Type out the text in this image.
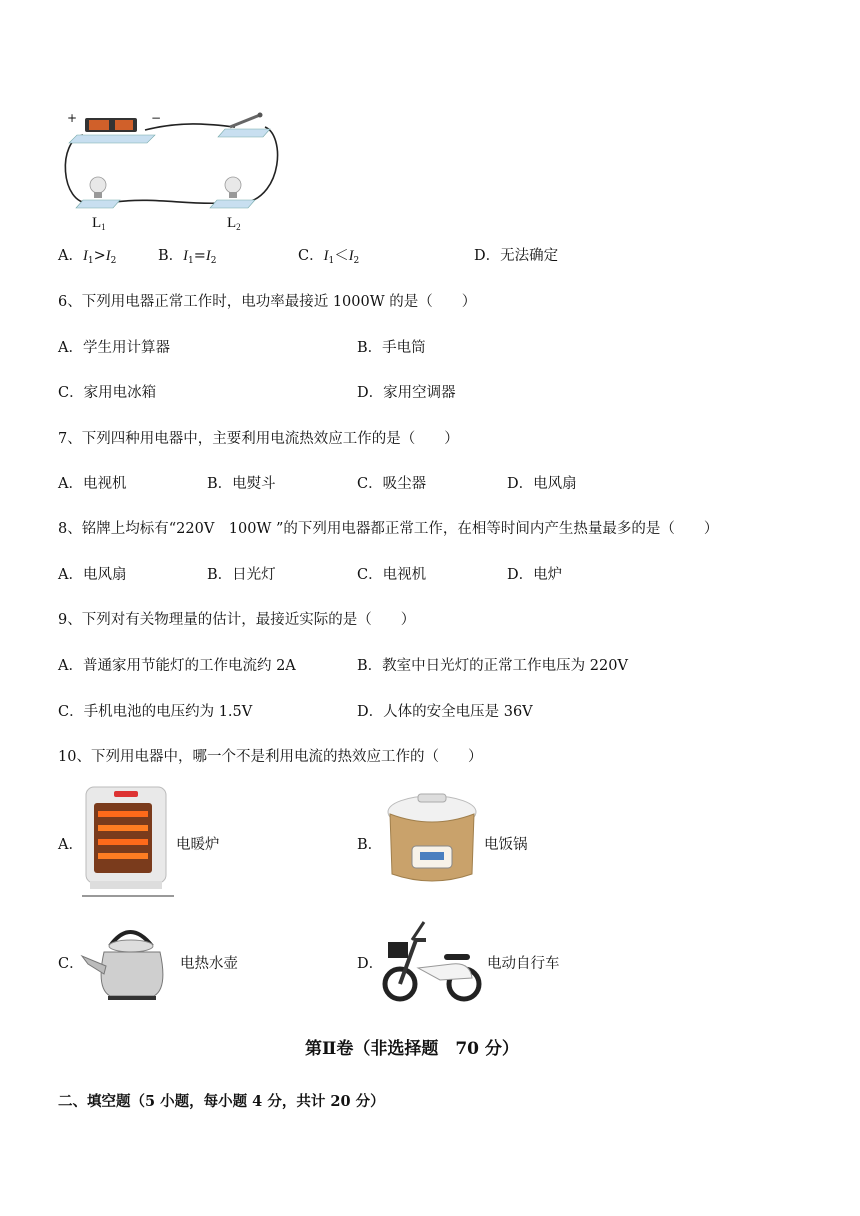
+	−
$L_1$	$L_2$
A．$I_1>I_2$	B．$I_1=I_2$	C．$I_1<I_2$	D．无法确定
6、下列用电器正常工作时，电功率最接近 1000W 的是（　　）
A．学生用计算器	B．手电筒
C．家用电冰箱	D．家用空调器
7、下列四种用电器中，主要利用电流热效应工作的是（　　）
A．电视机	B．电熨斗	C．吸尘器	D．电风扇
8、铭牌上均标有“220V　100W ”的下列用电器都正常工作，在相等时间内产生热量最多的是（　　）
A．电风扇	B．日光灯	C．电视机	D．电炉
9、下列对有关物理量的估计，最接近实际的是（　　）
A．普通家用节能灯的工作电流约 2A	B．教室中日光灯的正常工作电压为 220V
C．手机电池的电压约为 1.5V	D．人体的安全电压是 36V
10、下列用电器中，哪一个不是利用电流的热效应工作的（　　）
A．	电暖炉	B．	电饭锅
C．	电热水壶	D．	电动自行车
第Ⅱ卷（非选择题　70 分）
二、填空题（5 小题，每小题 4 分，共计 20 分）
